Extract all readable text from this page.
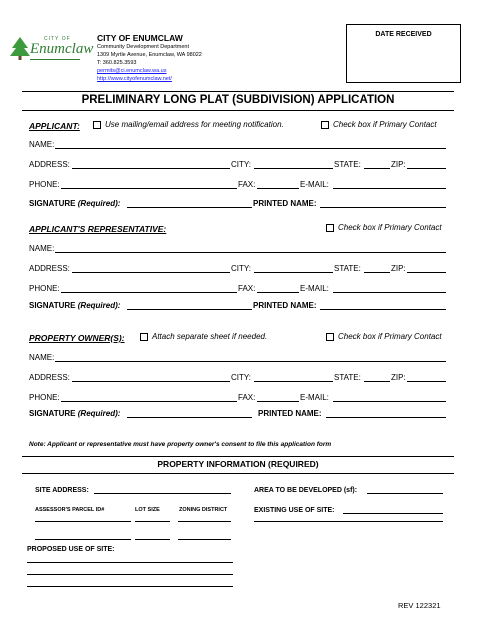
CITY OF
Enumclaw
CITY OF ENUMCLAW
Community Development Department
1309 Myrtle Avenue, Enumclaw, WA 98022
T: 360.825.3593
permits@ci.enumclaw.wa.us
http://www.cityofenumclaw.net/
DATE RECEIVED
PRELIMINARY LONG PLAT (SUBDIVISION) APPLICATION
APPLICANT:	Use mailing/email address for meeting notification.	Check box if Primary Contact
NAME:
ADDRESS:	CITY:	STATE:	ZIP:
PHONE:	FAX:	E-MAIL:
SIGNATURE (Required):	PRINTED NAME:
APPLICANT'S REPRESENTATIVE:	Check box if Primary Contact
NAME:
ADDRESS:	CITY:	STATE:	ZIP:
PHONE:	FAX:	E-MAIL:
SIGNATURE (Required):	PRINTED NAME:
PROPERTY OWNER(S):	Attach separate sheet if needed.	Check box if Primary Contact
NAME:
ADDRESS:	CITY:	STATE:	ZIP:
PHONE:	FAX:	E-MAIL:
SIGNATURE (Required):	PRINTED NAME:
Note: Applicant or representative must have property owner's consent to file this application form
PROPERTY INFORMATION (REQUIRED)
SITE ADDRESS:	AREA TO BE DEVELOPED (sf):
ASSESSOR'S PARCEL ID#	LOT SIZE	ZONING DISTRICT	EXISTING USE OF SITE:
PROPOSED USE OF SITE:
REV 122321
